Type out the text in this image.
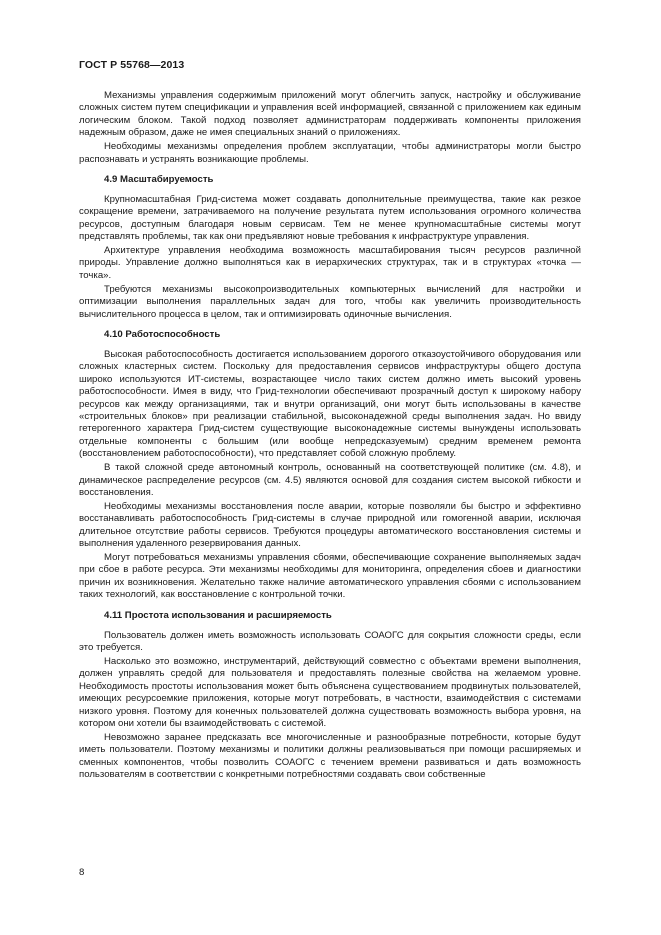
ГОСТ Р 55768—2013

Механизмы управления содержимым приложений могут облегчить запуск, настройку и обслуживание сложных систем путем спецификации и управления всей информацией, связанной с приложением как единым логическим блоком. Такой подход позволяет администраторам поддерживать компоненты приложения надежным образом, даже не имея специальных знаний о приложениях.

Необходимы механизмы определения проблем эксплуатации, чтобы администраторы могли быстро распознавать и устранять возникающие проблемы.

4.9 Масштабируемость

Крупномасштабная Грид-система может создавать дополнительные преимущества, такие как резкое сокращение времени, затрачиваемого на получение результата путем использования огромного количества ресурсов, доступным благодаря новым сервисам. Тем не менее крупномасштабные системы могут представлять проблемы, так как они предъявляют новые требования к инфраструктуре управления.

Архитектуре управления необходима возможность масштабирования тысяч ресурсов различной природы. Управление должно выполняться как в иерархических структурах, так и в структурах «точка — точка».

Требуются механизмы высокопроизводительных компьютерных вычислений для настройки и оптимизации выполнения параллельных задач для того, чтобы как увеличить производительность вычислительного процесса в целом, так и оптимизировать одиночные вычисления.

4.10 Работоспособность

Высокая работоспособность достигается использованием дорогого отказоустойчивого оборудования или сложных кластерных систем. Поскольку для предоставления сервисов инфраструктуры общего доступа широко используются ИТ-системы, возрастающее число таких систем должно иметь высокий уровень работоспособности. Имея в виду, что Грид-технологии обеспечивают прозрачный доступ к широкому набору ресурсов как между организациями, так и внутри организаций, они могут быть использованы в качестве «строительных блоков» при реализации стабильной, высоконадежной среды выполнения задач. Но ввиду гетерогенного характера Грид-систем существующие высоконадежные системы вынуждены использовать отдельные компоненты с большим (или вообще непредсказуемым) средним временем ремонта (восстановлением работоспособности), что представляет собой сложную проблему.

В такой сложной среде автономный контроль, основанный на соответствующей политике (см. 4.8), и динамическое распределение ресурсов (см. 4.5) являются основой для создания систем высокой гибкости и восстановления.

Необходимы механизмы восстановления после аварии, которые позволяли бы быстро и эффективно восстанавливать работоспособность Грид-системы в случае природной или гомогенной аварии, исключая длительное отсутствие работы сервисов. Требуются процедуры автоматического восстановления системы и выполнения удаленного резервирования данных.

Могут потребоваться механизмы управления сбоями, обеспечивающие сохранение выполняемых задач при сбое в работе ресурса. Эти механизмы необходимы для мониторинга, определения сбоев и диагностики причин их возникновения. Желательно также наличие автоматического управления сбоями с использованием таких технологий, как восстановление с контрольной точки.

4.11 Простота использования и расширяемость

Пользователь должен иметь возможность использовать СОАОГС для сокрытия сложности среды, если это требуется.

Насколько это возможно, инструментарий, действующий совместно с объектами времени выполнения, должен управлять средой для пользователя и предоставлять полезные свойства на желаемом уровне. Необходимость простоты использования может быть объяснена существованием продвинутых пользователей, имеющих ресурсоемкие приложения, которые могут потребовать, в частности, взаимодействия с системами низкого уровня. Поэтому для конечных пользователей должна существовать возможность выбора уровня, на котором они хотели бы взаимодействовать с системой.

Невозможно заранее предсказать все многочисленные и разнообразные потребности, которые будут иметь пользователи. Поэтому механизмы и политики должны реализовываться при помощи расширяемых и сменных компонентов, чтобы позволить СОАОГС с течением времени развиваться и дать возможность пользователям в соответствии с конкретными потребностями создавать свои собственные

8
